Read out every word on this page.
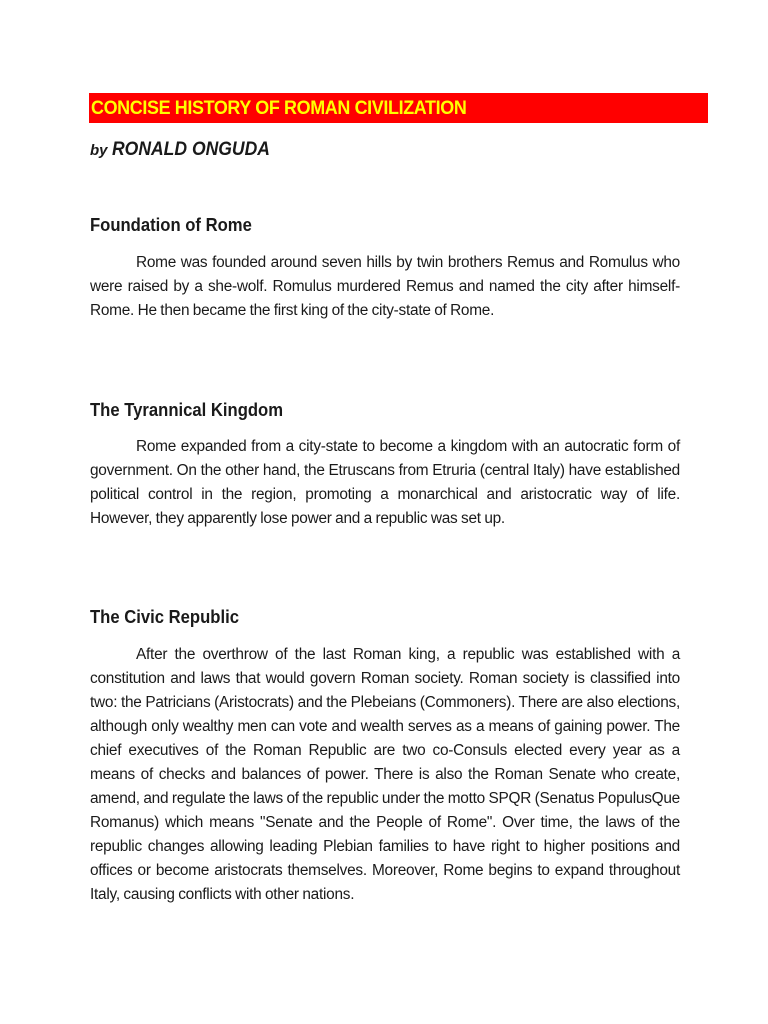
CONCISE HISTORY OF ROMAN CIVILIZATION
by RONALD ONGUDA
Foundation of Rome

Rome was founded around seven hills by twin brothers Remus and Romulus who were raised by a she-wolf. Romulus murdered Remus and named the city after himself- Rome. He then became the first king of the city-state of Rome.

The Tyrannical Kingdom

Rome expanded from a city-state to become a kingdom with an autocratic form of government. On the other hand, the Etruscans from Etruria (central Italy) have established political control in the region, promoting a monarchical and aristocratic way of life. However, they apparently lose power and a republic was set up.

The Civic Republic

After the overthrow of the last Roman king, a republic was established with a constitution and laws that would govern Roman society. Roman society is classified into two: the Patricians (Aristocrats) and the Plebeians (Commoners). There are also elections, although only wealthy men can vote and wealth serves as a means of gaining power. The chief executives of the Roman Republic are two co-Consuls elected every year as a means of checks and balances of power. There is also the Roman Senate who create, amend, and regulate the laws of the republic under the motto SPQR (Senatus PopulusQue Romanus) which means "Senate and the People of Rome". Over time, the laws of the republic changes allowing leading Plebian families to have right to higher positions and offices or become aristocrats themselves. Moreover, Rome begins to expand throughout Italy, causing conflicts with other nations.
